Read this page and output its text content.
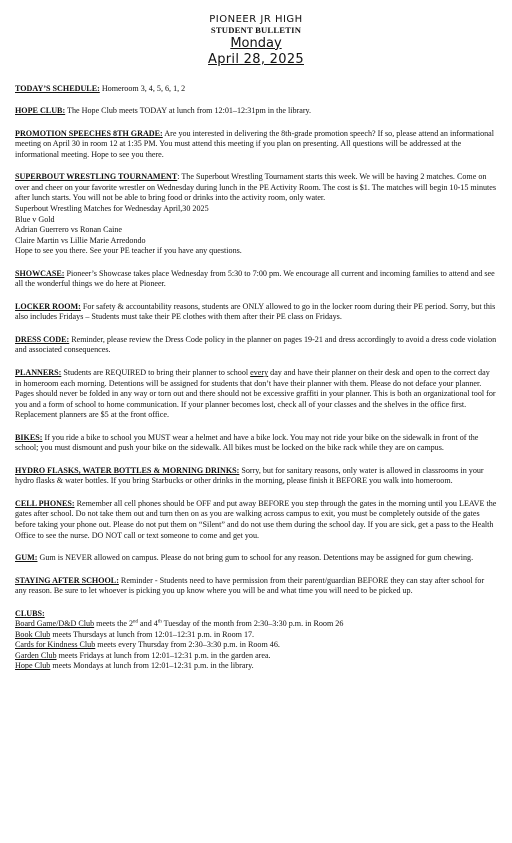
PIONEER JR HIGH
STUDENT BULLETIN
Monday
April 28, 2025
TODAY’S SCHEDULE: Homeroom 3, 4, 5, 6, 1, 2
HOPE CLUB: The Hope Club meets TODAY at lunch from 12:01–12:31pm in the library.
PROMOTION SPEECHES 8TH GRADE: Are you interested in delivering the 8th-grade promotion speech? If so, please attend an informational meeting on April 30 in room 12 at 1:35 PM. You must attend this meeting if you plan on presenting. All questions will be addressed at the informational meeting. Hope to see you there.
SUPERBOUT WRESTLING TOURNAMENT: The Superbout Wrestling Tournament starts this week. We will be having 2 matches. Come on over and cheer on your favorite wrestler on Wednesday during lunch in the PE Activity Room. The cost is $1. The matches will begin 10-15 minutes after lunch starts. You will not be able to bring food or drinks into the activity room, only water.
Superbout Wrestling Matches for Wednesday April,30 2025
Blue v Gold
Adrian Guerrero vs Ronan Caine
Claire Martin vs Lillie Marie Arredondo
Hope to see you there. See your PE teacher if you have any questions.
SHOWCASE: Pioneer’s Showcase takes place Wednesday from 5:30 to 7:00 pm. We encourage all current and incoming families to attend and see all the wonderful things we do here at Pioneer.
LOCKER ROOM: For safety & accountability reasons, students are ONLY allowed to go in the locker room during their PE period. Sorry, but this also includes Fridays – Students must take their PE clothes with them after their PE class on Fridays.
DRESS CODE: Reminder, please review the Dress Code policy in the planner on pages 19-21 and dress accordingly to avoid a dress code violation and associated consequences.
PLANNERS: Students are REQUIRED to bring their planner to school every day and have their planner on their desk and open to the correct day in homeroom each morning. Detentions will be assigned for students that don’t have their planner with them. Please do not deface your planner. Pages should never be folded in any way or torn out and there should not be excessive graffiti in your planner. This is both an organizational tool for you and a form of school to home communication. If your planner becomes lost, check all of your classes and the shelves in the office first. Replacement planners are $5 at the front office.
BIKES: If you ride a bike to school you MUST wear a helmet and have a bike lock. You may not ride your bike on the sidewalk in front of the school; you must dismount and push your bike on the sidewalk. All bikes must be locked on the bike rack while they are on campus.
HYDRO FLASKS, WATER BOTTLES & MORNING DRINKS: Sorry, but for sanitary reasons, only water is allowed in classrooms in your hydro flasks & water bottles. If you bring Starbucks or other drinks in the morning, please finish it BEFORE you walk into homeroom.
CELL PHONES: Remember all cell phones should be OFF and put away BEFORE you step through the gates in the morning until you LEAVE the gates after school. Do not take them out and turn then on as you are walking across campus to exit, you must be completely outside of the gates before taking your phone out. Please do not put them on “Silent” and do not use them during the school day. If you are sick, get a pass to the Health Office to see the nurse. DO NOT call or text someone to come and get you.
GUM: Gum is NEVER allowed on campus. Please do not bring gum to school for any reason. Detentions may be assigned for gum chewing.
STAYING AFTER SCHOOL: Reminder - Students need to have permission from their parent/guardian BEFORE they can stay after school for any reason. Be sure to let whoever is picking you up know where you will be and what time you will need to be picked up.
CLUBS:
Board Game/D&D Club meets the 2nd and 4th Tuesday of the month from 2:30–3:30 p.m. in Room 26
Book Club meets Thursdays at lunch from 12:01–12:31 p.m. in Room 17.
Cards for Kindness Club meets every Thursday from 2:30–3:30 p.m. in Room 46.
Garden Club meets Fridays at lunch from 12:01–12:31 p.m. in the garden area.
Hope Club meets Mondays at lunch from 12:01–12:31 p.m. in the library.
